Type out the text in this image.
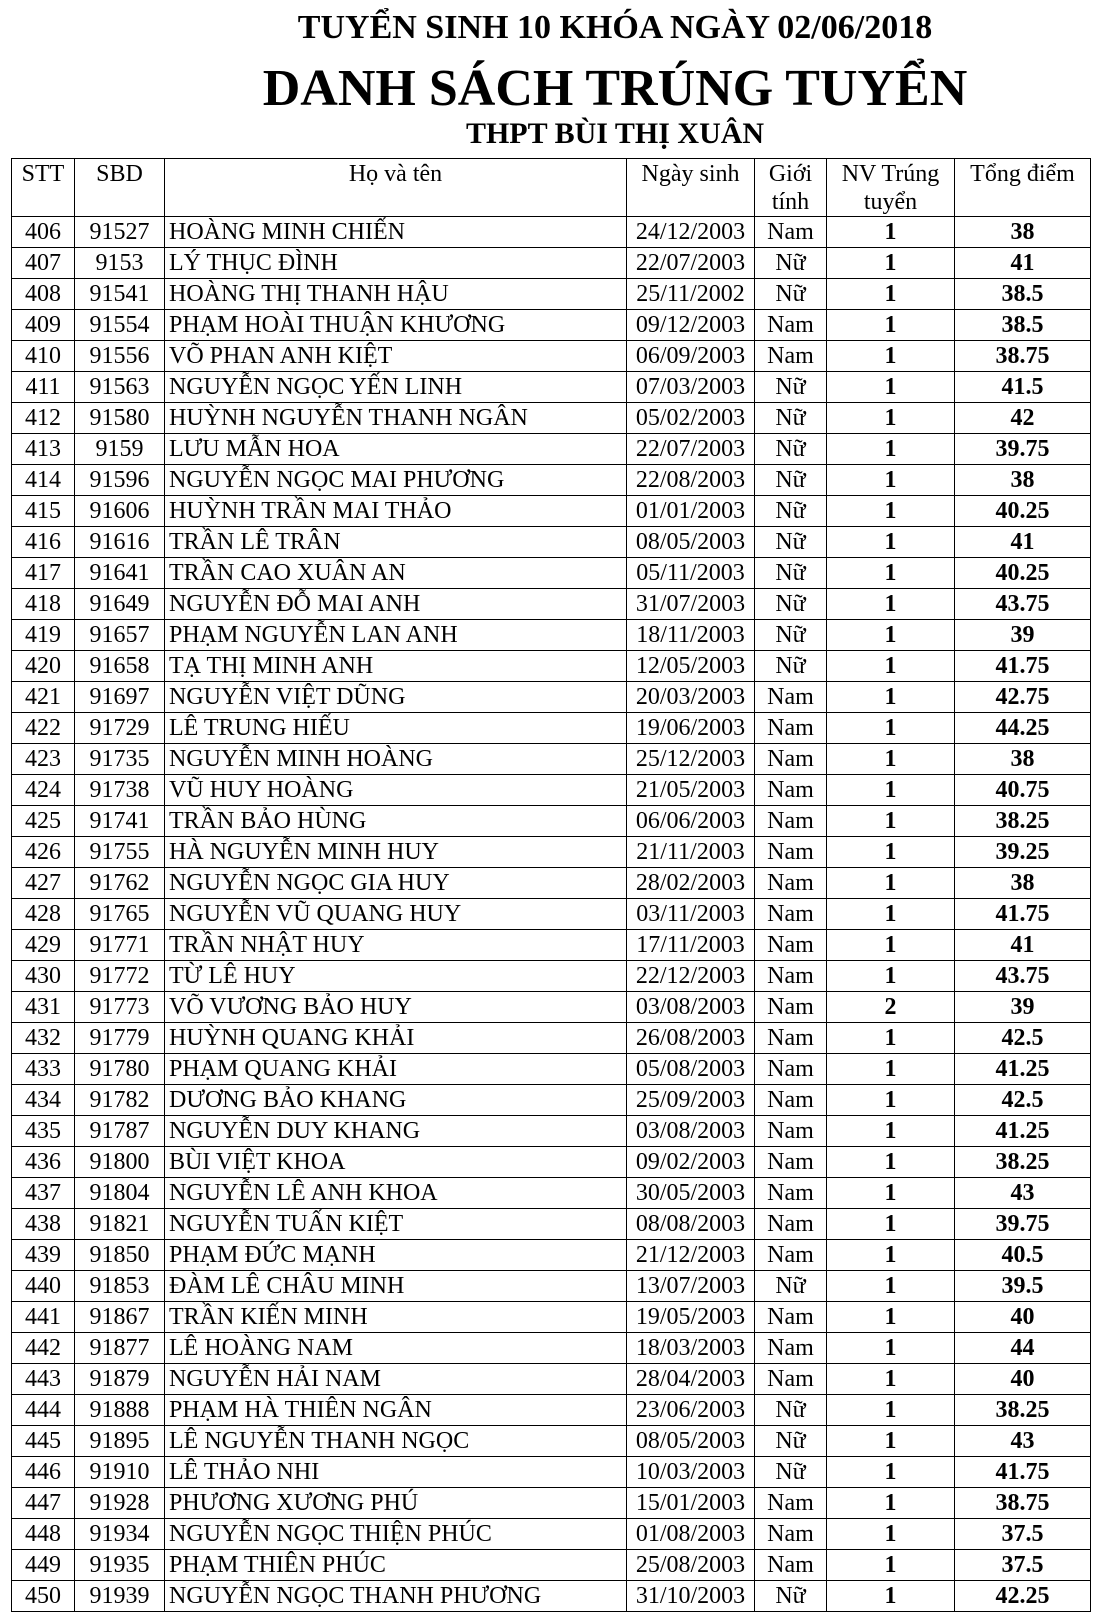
TUYỂN SINH 10 KHÓA NGÀY 02/06/2018
DANH SÁCH TRÚNG TUYỂN
THPT BÙI THỊ XUÂN
STT	SBD	Họ và tên	Ngày sinh	Giới tính	NV Trúng tuyển	Tổng điểm
406	91527	HOÀNG MINH CHIẾN	24/12/2003	Nam	1	38
407	9153	LÝ THỤC ĐÌNH	22/07/2003	Nữ	1	41
408	91541	HOÀNG THỊ THANH HẬU	25/11/2002	Nữ	1	38.5
409	91554	PHẠM HOÀI THUẬN KHƯƠNG	09/12/2003	Nam	1	38.5
410	91556	VÕ PHAN ANH KIỆT	06/09/2003	Nam	1	38.75
411	91563	NGUYỄN NGỌC YẾN LINH	07/03/2003	Nữ	1	41.5
412	91580	HUỲNH NGUYỄN THANH NGÂN	05/02/2003	Nữ	1	42
413	9159	LƯU MẪN HOA	22/07/2003	Nữ	1	39.75
414	91596	NGUYỄN NGỌC MAI PHƯƠNG	22/08/2003	Nữ	1	38
415	91606	HUỲNH TRẦN MAI THẢO	01/01/2003	Nữ	1	40.25
416	91616	TRẦN LÊ TRÂN	08/05/2003	Nữ	1	41
417	91641	TRẦN CAO XUÂN AN	05/11/2003	Nữ	1	40.25
418	91649	NGUYỄN ĐỖ MAI ANH	31/07/2003	Nữ	1	43.75
419	91657	PHẠM NGUYỄN LAN ANH	18/11/2003	Nữ	1	39
420	91658	TẠ THỊ MINH ANH	12/05/2003	Nữ	1	41.75
421	91697	NGUYỄN VIỆT DŨNG	20/03/2003	Nam	1	42.75
422	91729	LÊ TRUNG HIẾU	19/06/2003	Nam	1	44.25
423	91735	NGUYỄN MINH HOÀNG	25/12/2003	Nam	1	38
424	91738	VŨ HUY HOÀNG	21/05/2003	Nam	1	40.75
425	91741	TRẦN BẢO HÙNG	06/06/2003	Nam	1	38.25
426	91755	HÀ NGUYỄN MINH HUY	21/11/2003	Nam	1	39.25
427	91762	NGUYỄN NGỌC GIA HUY	28/02/2003	Nam	1	38
428	91765	NGUYỄN VŨ QUANG HUY	03/11/2003	Nam	1	41.75
429	91771	TRẦN NHẬT HUY	17/11/2003	Nam	1	41
430	91772	TỪ LÊ HUY	22/12/2003	Nam	1	43.75
431	91773	VÕ VƯƠNG BẢO HUY	03/08/2003	Nam	2	39
432	91779	HUỲNH QUANG KHẢI	26/08/2003	Nam	1	42.5
433	91780	PHẠM QUANG KHẢI	05/08/2003	Nam	1	41.25
434	91782	DƯƠNG BẢO KHANG	25/09/2003	Nam	1	42.5
435	91787	NGUYỄN DUY KHANG	03/08/2003	Nam	1	41.25
436	91800	BÙI VIỆT KHOA	09/02/2003	Nam	1	38.25
437	91804	NGUYỄN LÊ ANH KHOA	30/05/2003	Nam	1	43
438	91821	NGUYỄN TUẤN KIỆT	08/08/2003	Nam	1	39.75
439	91850	PHẠM ĐỨC MẠNH	21/12/2003	Nam	1	40.5
440	91853	ĐÀM LÊ CHÂU MINH	13/07/2003	Nữ	1	39.5
441	91867	TRẦN KIẾN MINH	19/05/2003	Nam	1	40
442	91877	LÊ HOÀNG NAM	18/03/2003	Nam	1	44
443	91879	NGUYỄN HẢI NAM	28/04/2003	Nam	1	40
444	91888	PHẠM HÀ THIÊN NGÂN	23/06/2003	Nữ	1	38.25
445	91895	LÊ NGUYỄN THANH NGỌC	08/05/2003	Nữ	1	43
446	91910	LÊ THẢO NHI	10/03/2003	Nữ	1	41.75
447	91928	PHƯƠNG XƯƠNG PHÚ	15/01/2003	Nam	1	38.75
448	91934	NGUYỄN NGỌC THIỆN PHÚC	01/08/2003	Nam	1	37.5
449	91935	PHẠM THIÊN PHÚC	25/08/2003	Nam	1	37.5
450	91939	NGUYỄN NGỌC THANH PHƯƠNG	31/10/2003	Nữ	1	42.25
